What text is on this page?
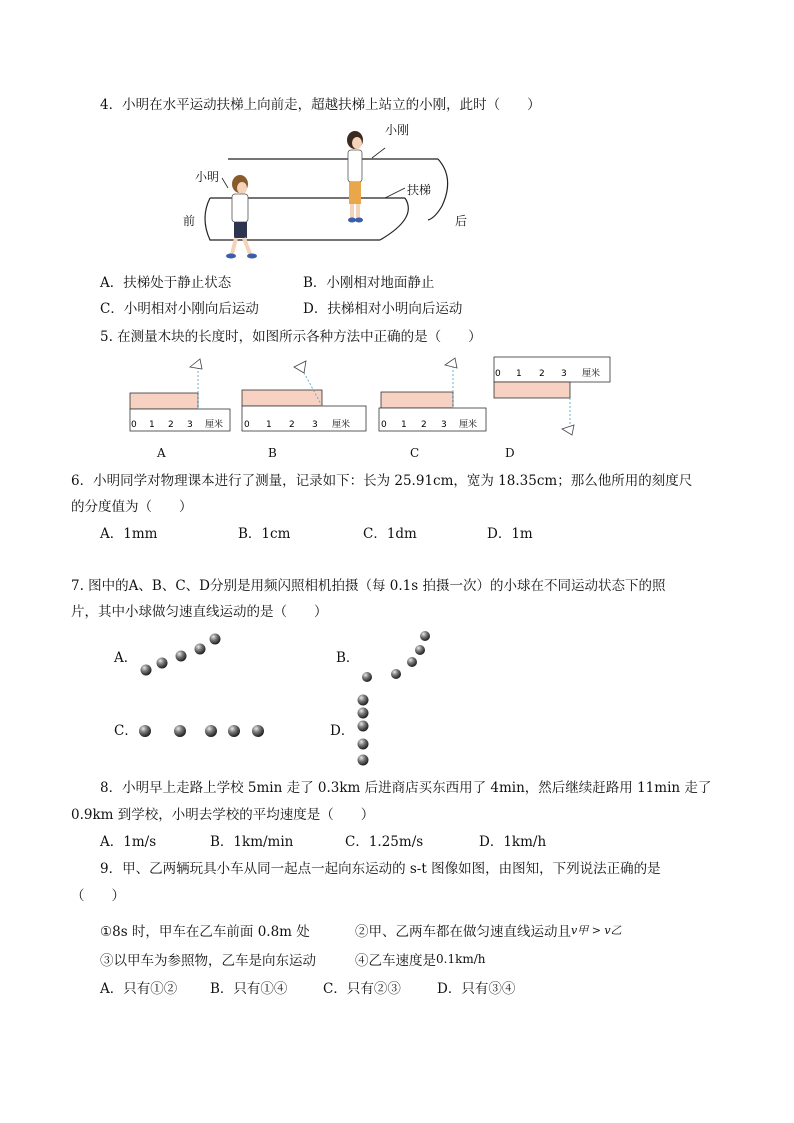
4．小明在水平运动扶梯上向前走，超越扶梯上站立的小刚，此时（　　）
小刚
小明
前	后
扶梯
A．扶梯处于静止状态	B．小刚相对地面静止
C．小明相对小刚向后运动	D．扶梯相对小明向后运动
5. 在测量木块的长度时，如图所示各种方法中正确的是（　　）
0 1 2 3 厘米
A
0 1 2 3 厘米
B
0 1 2 3 厘米
C
0 1 2 3 厘米
D
6．小明同学对物理课本进行了测量，记录如下：长为 25.91cm，宽为 18.35cm；那么他所用的刻度尺
的分度值为（　　）
A．1mm	B．1cm	C．1dm	D．1m
7. 图中的A、B、C、D分别是用频闪照相机拍摄（每 0.1s 拍摄一次）的小球在不同运动状态下的照
片，其中小球做匀速直线运动的是（　　）
A．	B．
C．	D．
8．小明早上走路上学校 5min 走了 0.3km 后进商店买东西用了 4min，然后继续赶路用 11min 走了
0.9km 到学校，小明去学校的平均速度是（　　）
A．1m/s	B．1km/min	C．1.25m/s	D．1km/h
9．甲、乙两辆玩具小车从同一起点一起向东运动的 s-t 图像如图，由图知，下列说法正确的是
（　　）
①8s 时，甲车在乙车前面 0.8m 处	②甲、乙两车都在做匀速直线运动且v甲 > v乙
③以甲车为参照物，乙车是向东运动	④乙车速度是0.1km/h
A．只有①② B．只有①④	C．只有②③	D．只有③④
